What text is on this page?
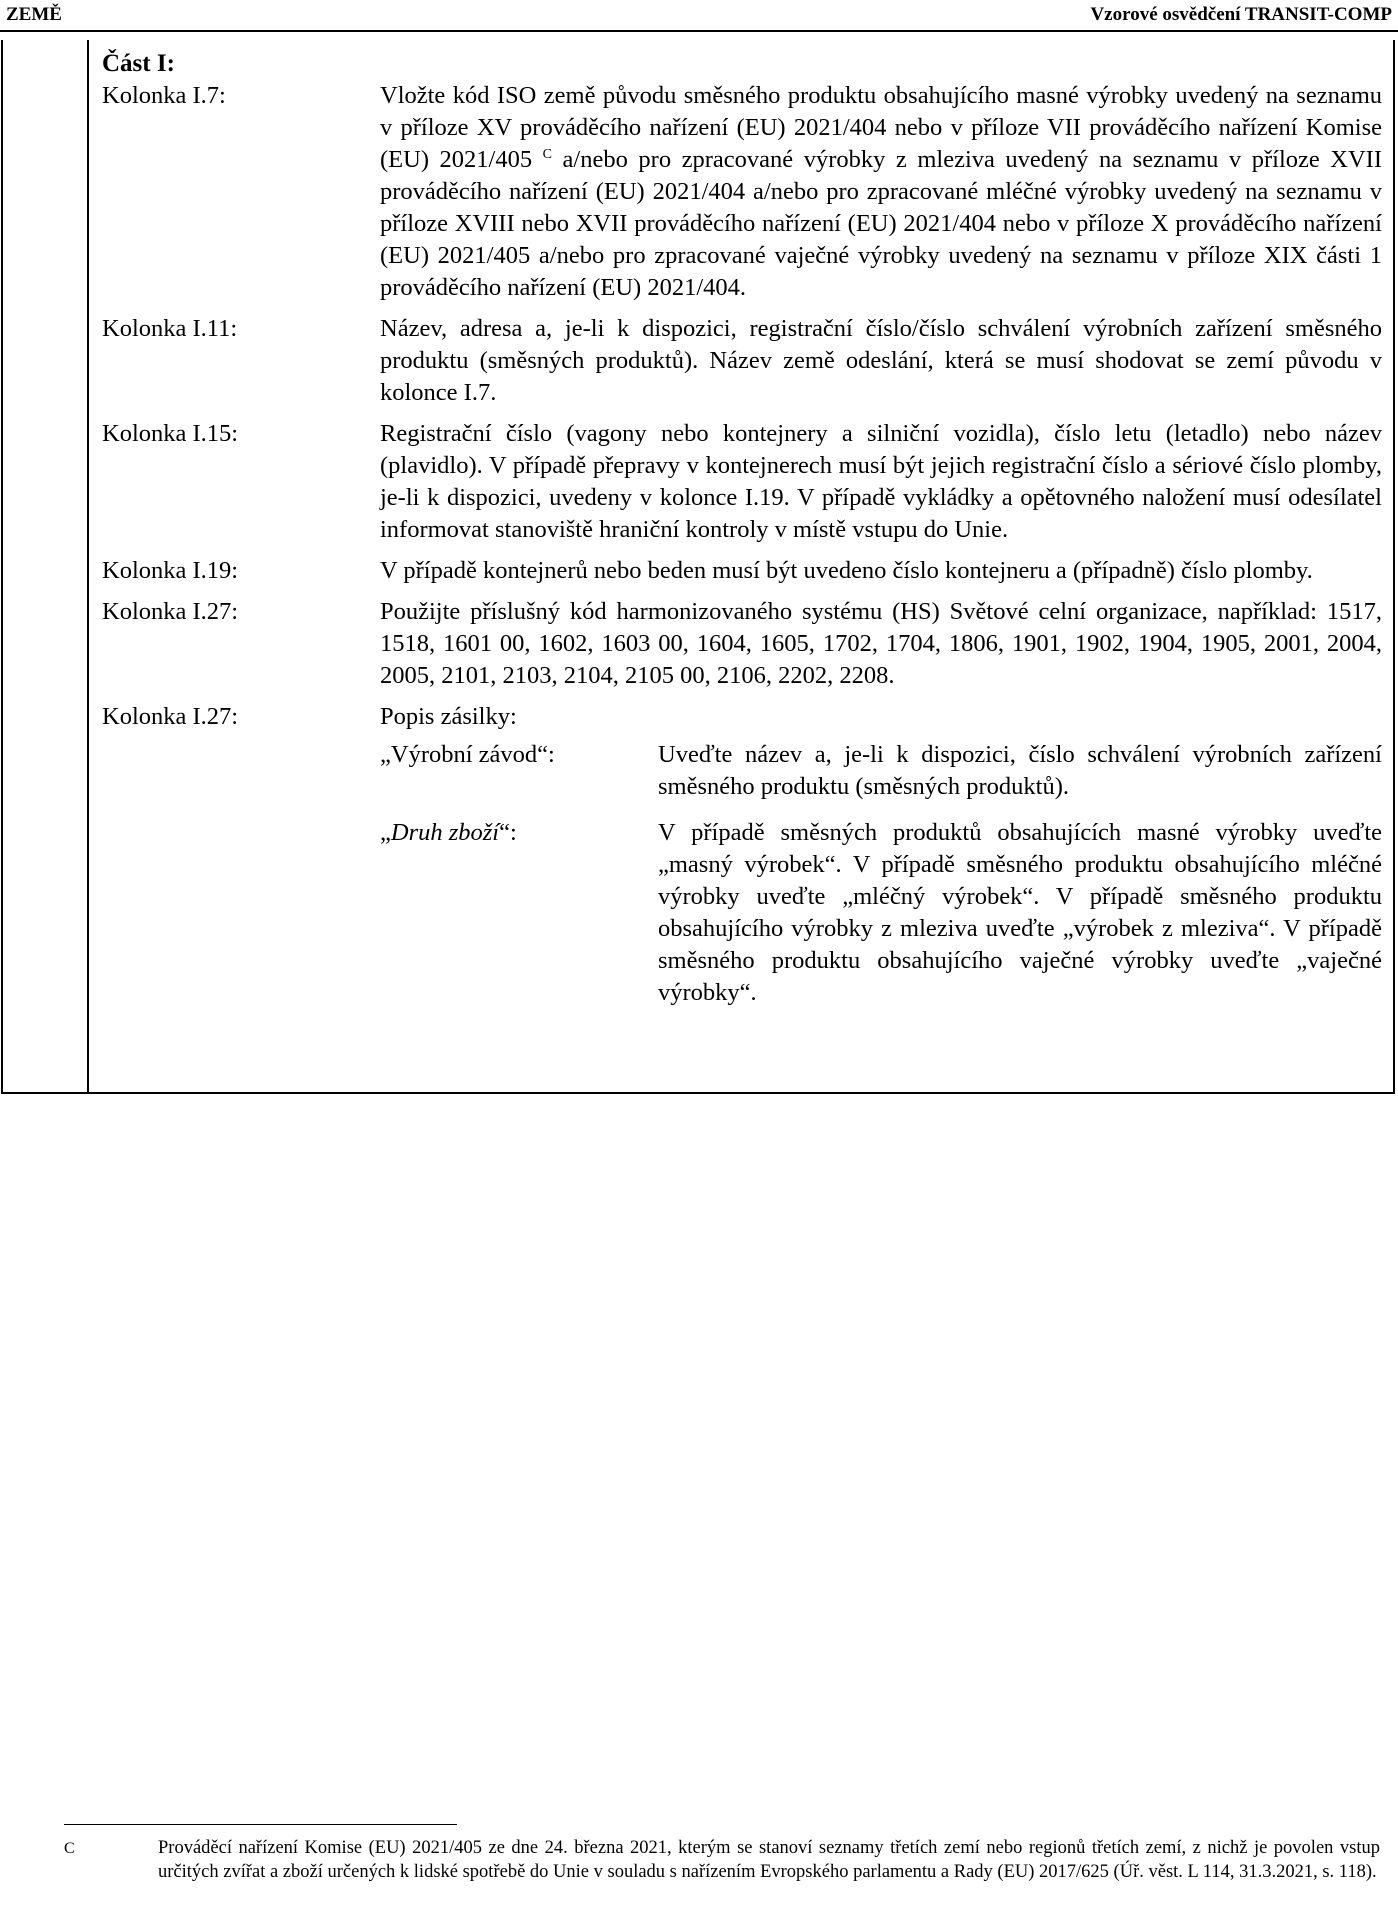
ZEMĚ	Vzorové osvědčení TRANSIT-COMP
Část I:
Kolonka I.7:	Vložte kód ISO země původu směsného produktu obsahujícího masné výrobky uvedený na seznamu v příloze XV prováděcího nařízení (EU) 2021/404 nebo v příloze VII prováděcího nařízení Komise (EU) 2021/405 $^C$ a/nebo pro zpracované výrobky z mleziva uvedený na seznamu v příloze XVII prováděcího nařízení (EU) 2021/404 a/nebo pro zpracované mléčné výrobky uvedený na seznamu v příloze XVIII nebo XVII prováděcího nařízení (EU) 2021/404 nebo v příloze X prováděcího nařízení (EU) 2021/405 a/nebo pro zpracované vaječné výrobky uvedený na seznamu v příloze XIX části 1 prováděcího nařízení (EU) 2021/404.
Kolonka I.11:	Název, adresa a, je-li k dispozici, registrační číslo/číslo schválení výrobních zařízení směsného produktu (směsných produktů). Název země odeslání, která se musí shodovat se zemí původu v kolonce I.7.
Kolonka I.15:	Registrační číslo (vagony nebo kontejnery a silniční vozidla), číslo letu (letadlo) nebo název (plavidlo). V případě přepravy v kontejnerech musí být jejich registrační číslo a sériové číslo plomby, je-li k dispozici, uvedeny v kolonce I.19. V případě vykládky a opětovného naložení musí odesílatel informovat stanoviště hraniční kontroly v místě vstupu do Unie.
Kolonka I.19:	V případě kontejnerů nebo beden musí být uvedeno číslo kontejneru a (případně) číslo plomby.
Kolonka I.27:	Použijte příslušný kód harmonizovaného systému (HS) Světové celní organizace, například: 1517, 1518, 1601 00, 1602, 1603 00, 1604, 1605, 1702, 1704, 1806, 1901, 1902, 1904, 1905, 2001, 2004, 2005, 2101, 2103, 2104, 2105 00, 2106, 2202, 2208.
Kolonka I.27:	Popis zásilky:
„Výrobní závod“:	Uveďte název a, je-li k dispozici, číslo schválení výrobních zařízení směsného produktu (směsných produktů).
„Druh zboží“:	V případě směsných produktů obsahujících masné výrobky uveďte „masný výrobek“. V případě směsného produktu obsahujícího mléčné výrobky uveďte „mléčný výrobek“. V případě směsného produktu obsahujícího výrobky z mleziva uveďte „výrobek z mleziva“. V případě směsného produktu obsahujícího vaječné výrobky uveďte „vaječné výrobky“.
C	Prováděcí nařízení Komise (EU) 2021/405 ze dne 24. března 2021, kterým se stanoví seznamy třetích zemí nebo regionů třetích zemí, z nichž je povolen vstup určitých zvířat a zboží určených k lidské spotřebě do Unie v souladu s nařízením Evropského parlamentu a Rady (EU) 2017/625 (Úř. věst. L 114, 31.3.2021, s. 118).
